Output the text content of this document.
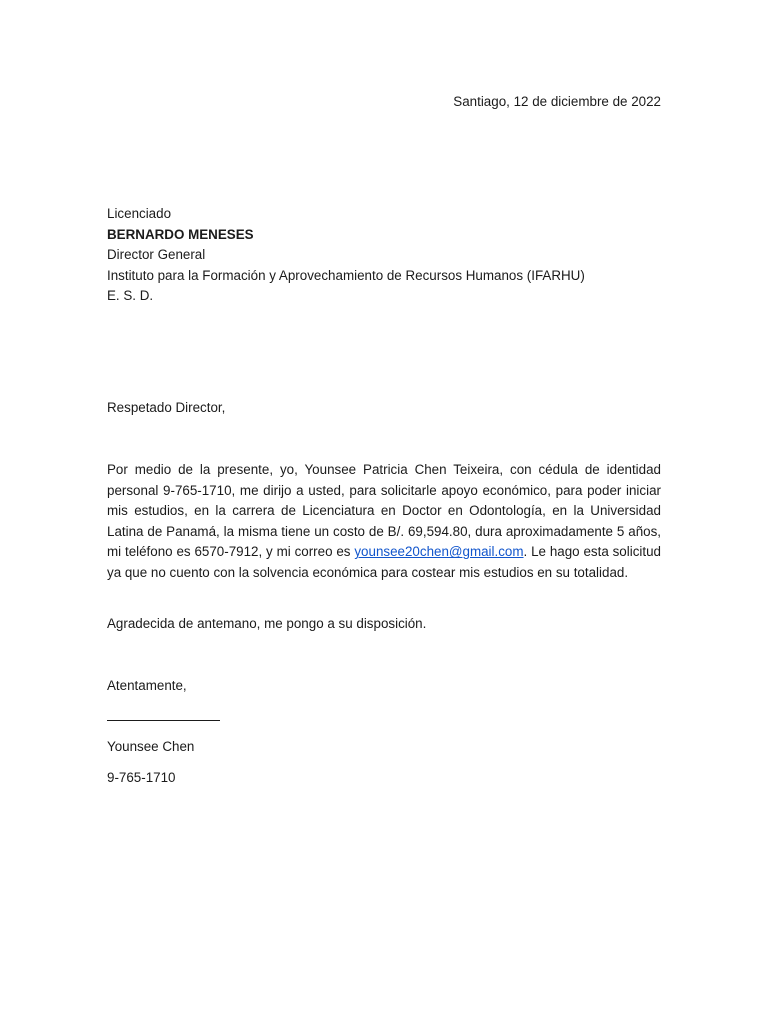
Santiago, 12 de diciembre de 2022
Licenciado
BERNARDO MENESES
Director General
Instituto para la Formación y Aprovechamiento de Recursos Humanos (IFARHU)
E. S. D.
Respetado Director,
Por medio de la presente, yo, Younsee Patricia Chen Teixeira, con cédula de identidad personal 9-765-1710, me dirijo a usted, para solicitarle apoyo económico, para poder iniciar mis estudios, en la carrera de Licenciatura en Doctor en Odontología, en la Universidad Latina de Panamá, la misma tiene un costo de B/. 69,594.80, dura aproximadamente 5 años, mi teléfono es 6570-7912, y mi correo es younsee20chen@gmail.com. Le hago esta solicitud ya que no cuento con la solvencia económica para costear mis estudios en su totalidad.
Agradecida de antemano, me pongo a su disposición.
Atentamente,
Younsee Chen
9-765-1710
